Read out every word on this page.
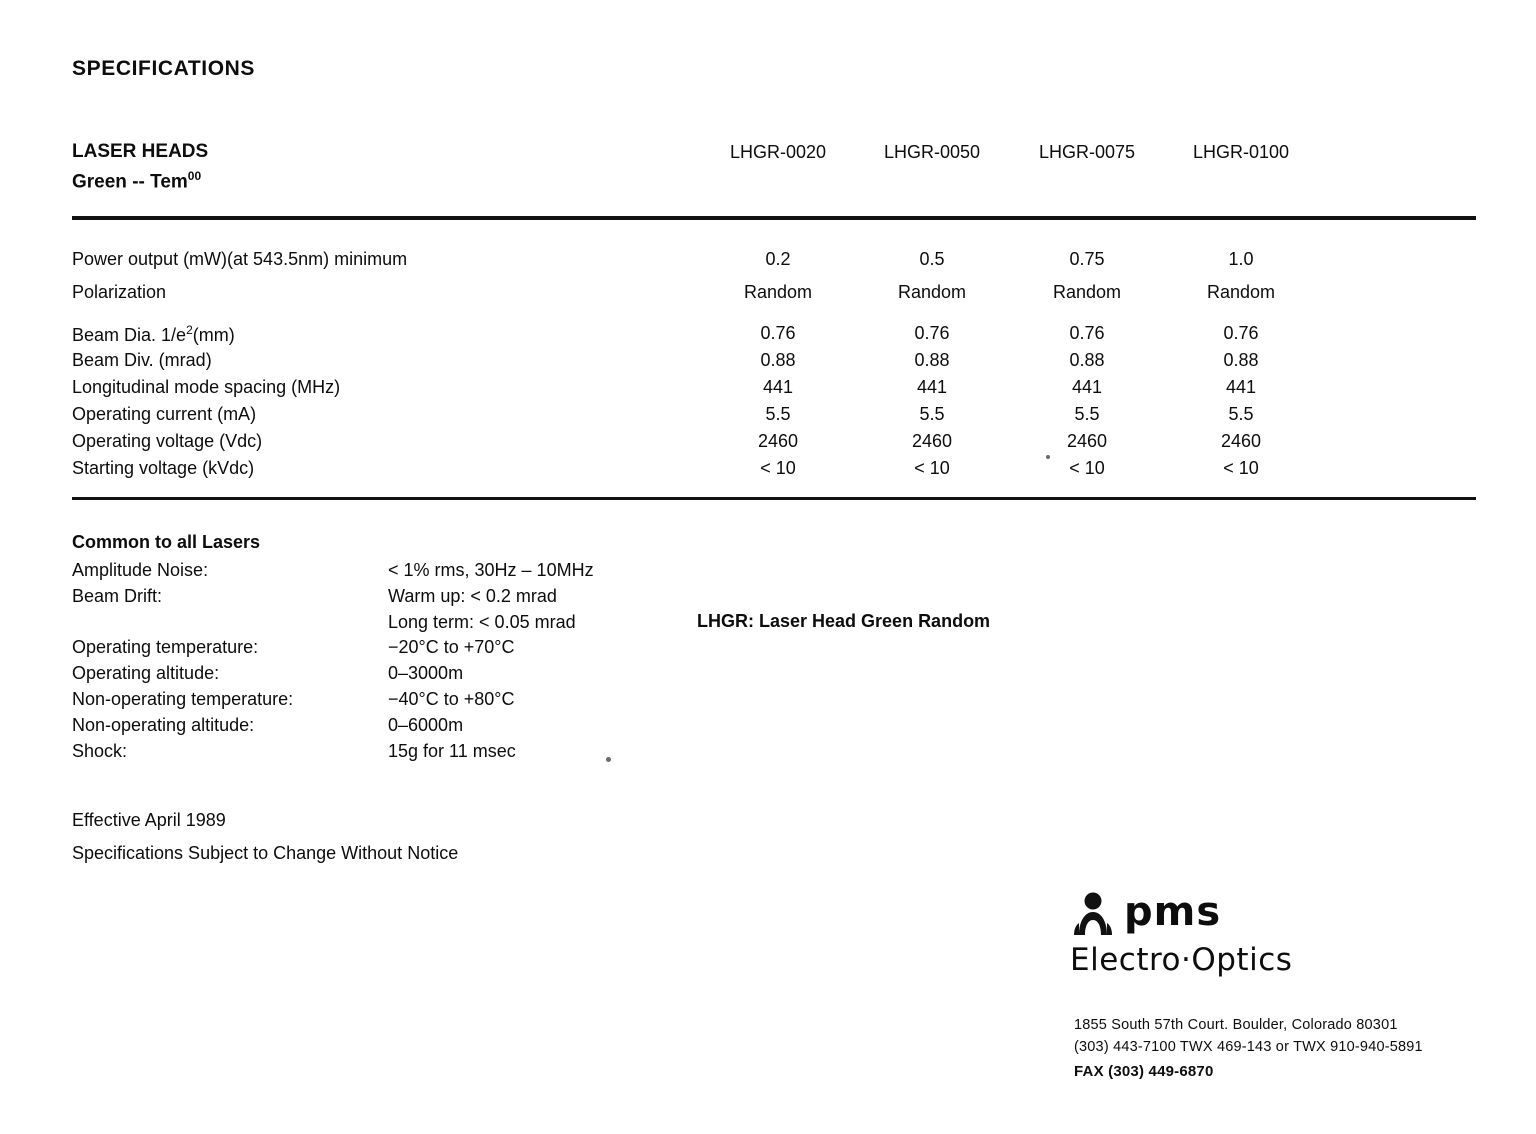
SPECIFICATIONS
LASER HEADS
Green -- Tem$^{00}$
LHGR-0020	LHGR-0050	LHGR-0075	LHGR-0100
Power output (mW)(at 543.5nm) minimum	0.2	0.5	0.75	1.0
Polarization	Random	Random	Random	Random
Beam Dia. $1/e^2(mm)$	0.76	0.76	0.76	0.76
Beam Div. (mrad)	0.88	0.88	0.88	0.88
Longitudinal mode spacing (MHz)	441	441	441	441
Operating current (mA)	5.5	5.5	5.5	5.5
Operating voltage (Vdc)	2460	2460	2460	2460
Starting voltage (kVdc)	< 10	< 10	< 10	< 10
Common to all Lasers
Amplitude Noise:	< 1% rms, 30Hz – 10MHz
Beam Drift:	Warm up: < 0.2 mrad
Long term: < 0.05 mrad
Operating temperature:	−20°C to +70°C
Operating altitude:	0–3000m
Non-operating temperature:	−40°C to +80°C
Non-operating altitude:	0–6000m
Shock:	15g for 11 msec
LHGR: Laser Head Green Random
Effective April 1989
Specifications Subject to Change Without Notice
pms
Electro·Optics
1855 South 57th Court. Boulder, Colorado 80301
(303) 443-7100 TWX 469-143 or TWX 910-940-5891
FAX (303) 449-6870
